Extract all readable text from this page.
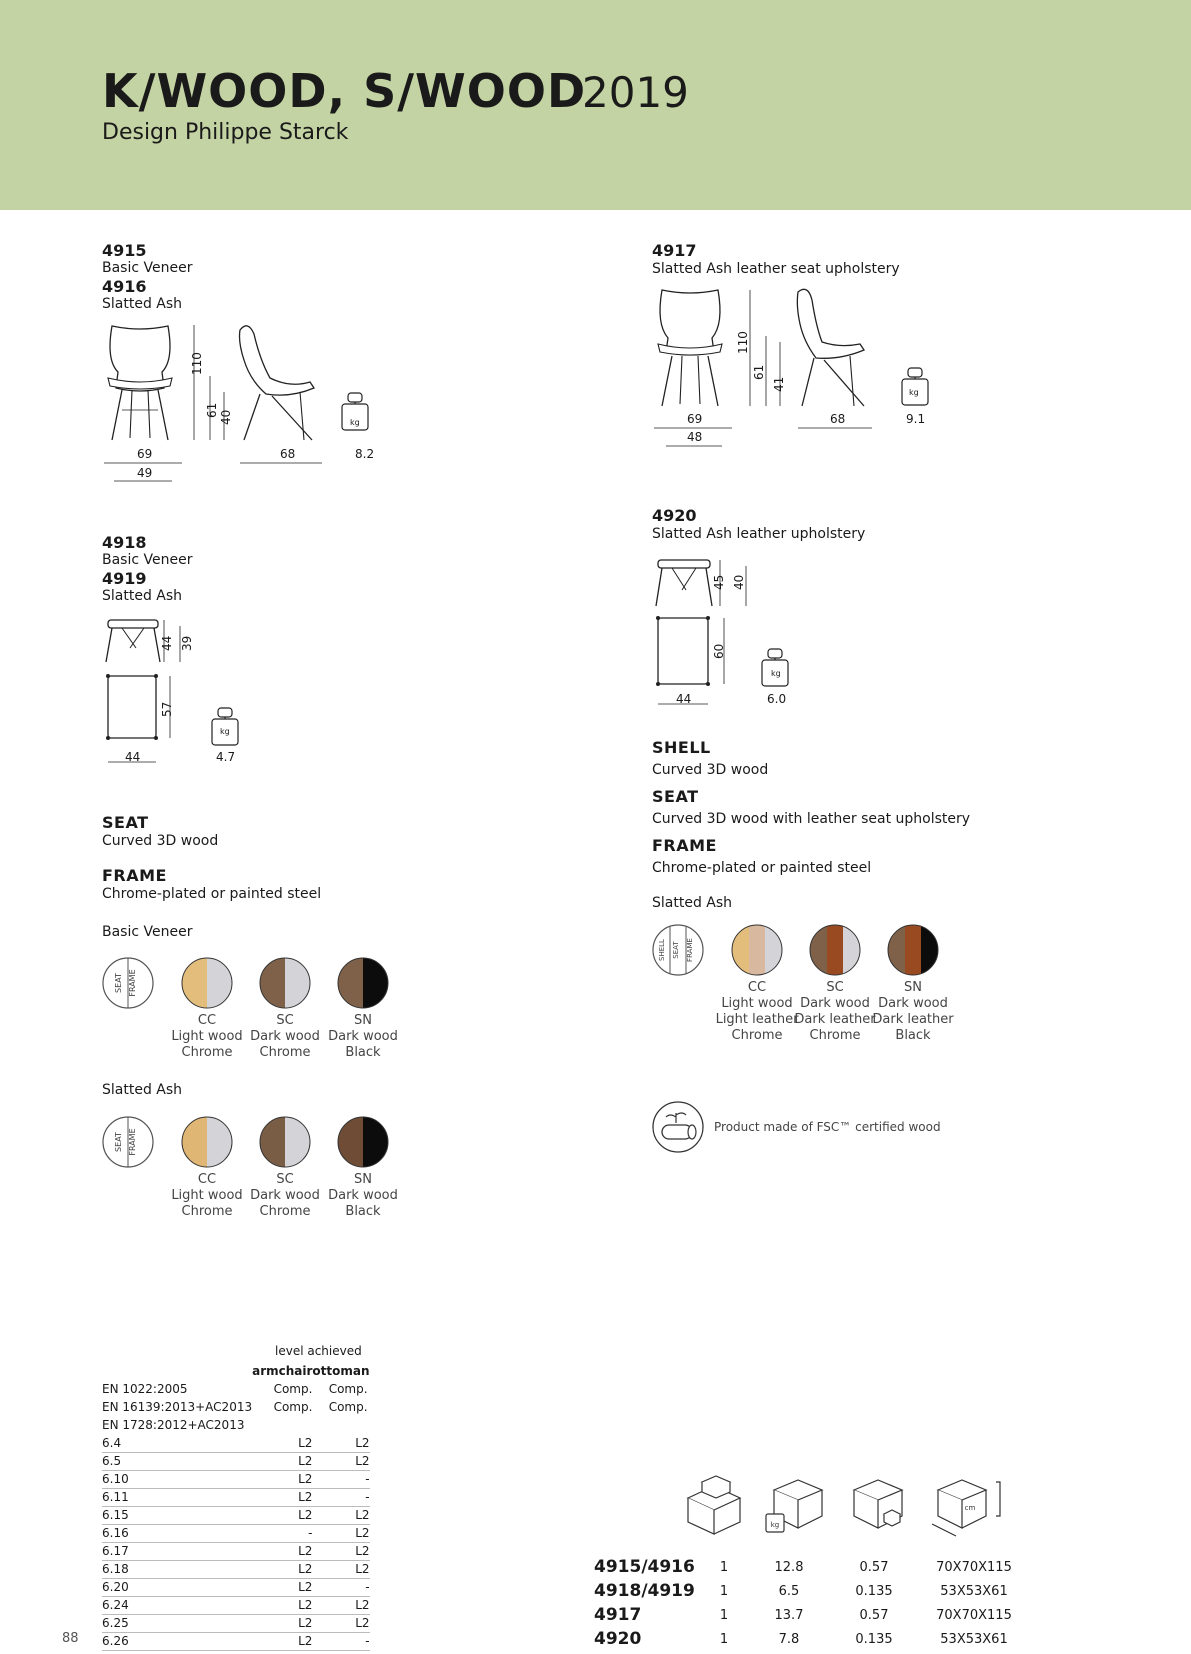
K/WOOD, S/WOOD
2019
Design Philippe Starck
4915
Basic Veneer
4916
Slatted Ash
110
61 40
69
49
68
kg
8.2
4917
Slatted Ash leather seat upholstery
110
61
41
69
48
68
kg
9.1
4918
Basic Veneer
4919
Slatted Ash
44 39
57
44
kg
4.7
4920
Slatted Ash leather upholstery
45 40
60
44
kg
6.0
SEAT
Curved 3D wood
FRAME
Chrome-plated or painted steel
SHELL
Curved 3D wood
SEAT
Curved 3D wood with leather seat upholstery
FRAME
Chrome-plated or painted steel
Basic Veneer
SEAT FRAME
CC
Light wood
Chrome
SC
Dark wood
Chrome
SN
Dark wood
Black
Slatted Ash
SEAT FRAME
CC
Light wood
Chrome
SC
Dark wood
Chrome
SN
Dark wood
Black
Slatted Ash
SHELL SEAT FRAME
CC
Light wood
Light leather
Chrome
SC
Dark wood
Dark leather
Chrome
SN
Dark wood
Dark leather
Black
Product made of FSC™ certified wood
level achieved
	armchair	ottoman
EN 1022:2005	Comp.	Comp.
EN 16139:2013+AC2013	Comp.	Comp.
EN 1728:2012+AC2013		
6.4	L2	L2
6.5	L2	L2
6.10	L2	-
6.11	L2	-
6.15	L2	L2
6.16	-	L2
6.17	L2	L2
6.18	L2	L2
6.20	L2	-
6.24	L2	L2
6.25	L2	L2
6.26	L2	-
88
kg
cm
4915/4916	1	12.8	0.57	70X70X115
4918/4919	1	6.5	0.135	53X53X61
4917	1	13.7	0.57	70X70X115
4920	1	7.8	0.135	53X53X61
